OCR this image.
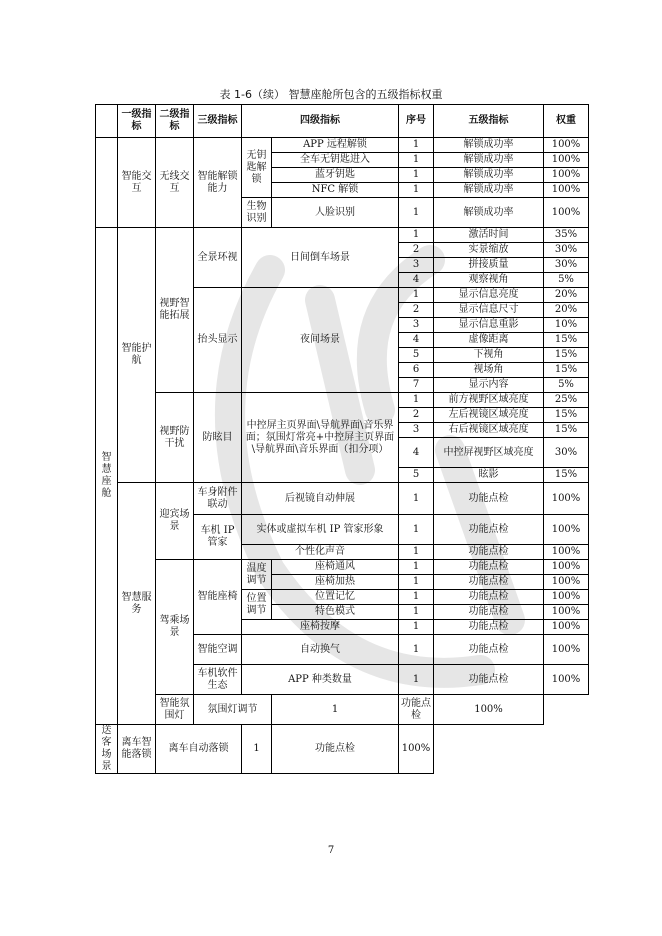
表 1-6（续） 智慧座舱所包含的五级指标权重
	一级指标	二级指标	三级指标	四级指标		序号	五级指标	权重
	智能交互	无线交互	智能解锁能力	无钥匙解锁	APP 远程解锁	1	解锁成功率	100%
					全车无钥匙进入	1	解锁成功率	100%
					蓝牙钥匙	1	解锁成功率	100%
					NFC 解锁	1	解锁成功率	100%
				生物识别	人脸识别	1	解锁成功率	100%
智慧座舱	智能护航	视野智能拓展	全景环视	日间倒车场景		1	激活时间	35%
						2	实景缩放	30%
						3	拼接质量	30%
						4	观察视角	5%
			抬头显示	夜间场景		1	显示信息亮度	20%
						2	显示信息尺寸	20%
						3	显示信息重影	10%
						4	虚像距离	15%
						5	下视角	15%
						6	视场角	15%
						7	显示内容	5%
		视野防干扰	防眩目	中控屏主页界面\导航界面\音乐界面；氛围灯常亮+中控屏主页界面\导航界面\音乐界面（扣分项）		1	前方视野区域亮度	25%
						2	左后视镜区域亮度	15%
						3	右后视镜区域亮度	15%
						4	中控屏视野区域亮度	30%
						5	眩影	15%
	智慧服务	迎宾场景	车身附件联动	后视镜自动伸展		1	功能点检	100%
			车机 IP 管家	实体或虚拟车机 IP 管家形象		1	功能点检	100%
				个性化声音		1	功能点检	100%
		驾乘场景	智能座椅	温度调节	座椅通风	1	功能点检	100%
					座椅加热	1	功能点检	100%
				位置调节	位置记忆	1	功能点检	100%
					特色模式	1	功能点检	100%
				座椅按摩		1	功能点检	100%
			智能空调	自动换气		1	功能点检	100%
			车机软件生态	APP 种类数量		1	功能点检	100%
		智能氛围灯	氛围灯调节		1	功能点检	100%	
送客场景	离车智能落锁	离车自动落锁		1	功能点检	100%		
7
